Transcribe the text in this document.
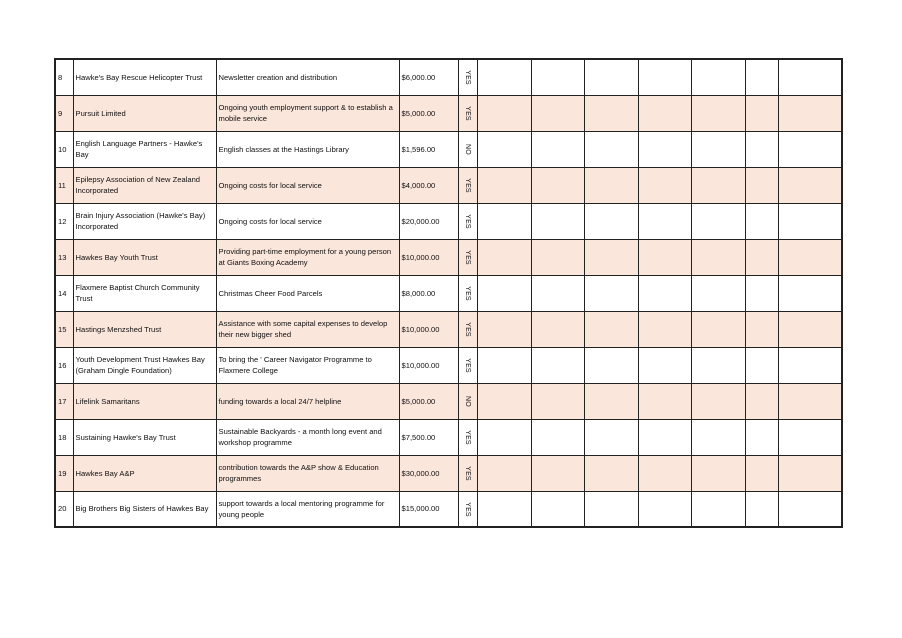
8	Hawke's Bay Rescue Helicopter Trust	Newsletter creation and distribution	$6,000.00	YES							
9	Pursuit Limited	Ongoing youth employment support & to establish a mobile service	$5,000.00	YES							
10	English Language Partners - Hawke's Bay	English classes at the Hastings Library	$1,596.00	NO							
11	Epilepsy Association of New Zealand Incorporated	Ongoing costs for local service	$4,000.00	YES							
12	Brain Injury Association (Hawke's Bay) Incorporated	Ongoing costs for local service	$20,000.00	YES							
13	Hawkes Bay Youth Trust	Providing part-time employment for a young person at Giants Boxing Academy	$10,000.00	YES							
14	Flaxmere Baptist Church Community Trust	Christmas Cheer Food Parcels	$8,000.00	YES							
15	Hastings Menzshed Trust	Assistance with some capital expenses to develop their new bigger shed	$10,000.00	YES							
16	Youth Development Trust Hawkes Bay (Graham Dingle Foundation)	To bring the ' Career Navigator Programme to Flaxmere College	$10,000.00	YES							
17	Lifelink Samaritans	funding towards a local 24/7 helpline	$5,000.00	NO							
18	Sustaining Hawke's Bay Trust	Sustainable Backyards - a month long event and workshop programme	$7,500.00	YES							
19	Hawkes Bay A&P	contribution towards the A&P show & Education programmes	$30,000.00	YES							
20	Big Brothers Big Sisters of Hawkes Bay	support towards a local mentoring programme for young people	$15,000.00	YES							
